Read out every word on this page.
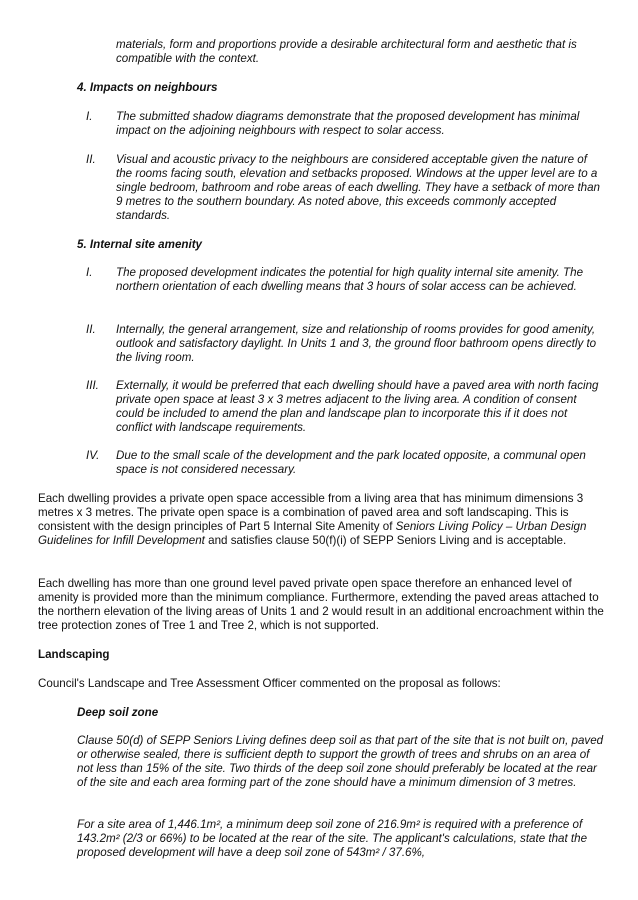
materials, form and proportions provide a desirable architectural form and aesthetic that is compatible with the context.

4. Impacts on neighbours
I. The submitted shadow diagrams demonstrate that the proposed development has minimal impact on the adjoining neighbours with respect to solar access.

II. Visual and acoustic privacy to the neighbours are considered acceptable given the nature of the rooms facing south, elevation and setbacks proposed. Windows at the upper level are to a single bedroom, bathroom and robe areas of each dwelling. They have a setback of more than 9 metres to the southern boundary. As noted above, this exceeds commonly accepted standards.

5. Internal site amenity
I. The proposed development indicates the potential for high quality internal site amenity. The northern orientation of each dwelling means that 3 hours of solar access can be achieved.

II. Internally, the general arrangement, size and relationship of rooms provides for good amenity, outlook and satisfactory daylight. In Units 1 and 3, the ground floor bathroom opens directly to the living room.

III. Externally, it would be preferred that each dwelling should have a paved area with north facing private open space at least 3 x 3 metres adjacent to the living area. A condition of consent could be included to amend the plan and landscape plan to incorporate this if it does not conflict with landscape requirements.

IV. Due to the small scale of the development and the park located opposite, a communal open space is not considered necessary.

Each dwelling provides a private open space accessible from a living area that has minimum dimensions 3 metres x 3 metres. The private open space is a combination of paved area and soft landscaping. This is consistent with the design principles of Part 5 Internal Site Amenity of Seniors Living Policy – Urban Design Guidelines for Infill Development and satisfies clause 50(f)(i) of SEPP Seniors Living and is acceptable.

Each dwelling has more than one ground level paved private open space therefore an enhanced level of amenity is provided more than the minimum compliance. Furthermore, extending the paved areas attached to the northern elevation of the living areas of Units 1 and 2 would result in an additional encroachment within the tree protection zones of Tree 1 and Tree 2, which is not supported.

Landscaping

Council's Landscape and Tree Assessment Officer commented on the proposal as follows:

Deep soil zone

Clause 50(d) of SEPP Seniors Living defines deep soil as that part of the site that is not built on, paved or otherwise sealed, there is sufficient depth to support the growth of trees and shrubs on an area of not less than 15% of the site. Two thirds of the deep soil zone should preferably be located at the rear of the site and each area forming part of the zone should have a minimum dimension of 3 metres.

For a site area of 1,446.1m², a minimum deep soil zone of 216.9m² is required with a preference of 143.2m² (2/3 or 66%) to be located at the rear of the site. The applicant's calculations, state that the proposed development will have a deep soil zone of 543m² / 37.6%,
